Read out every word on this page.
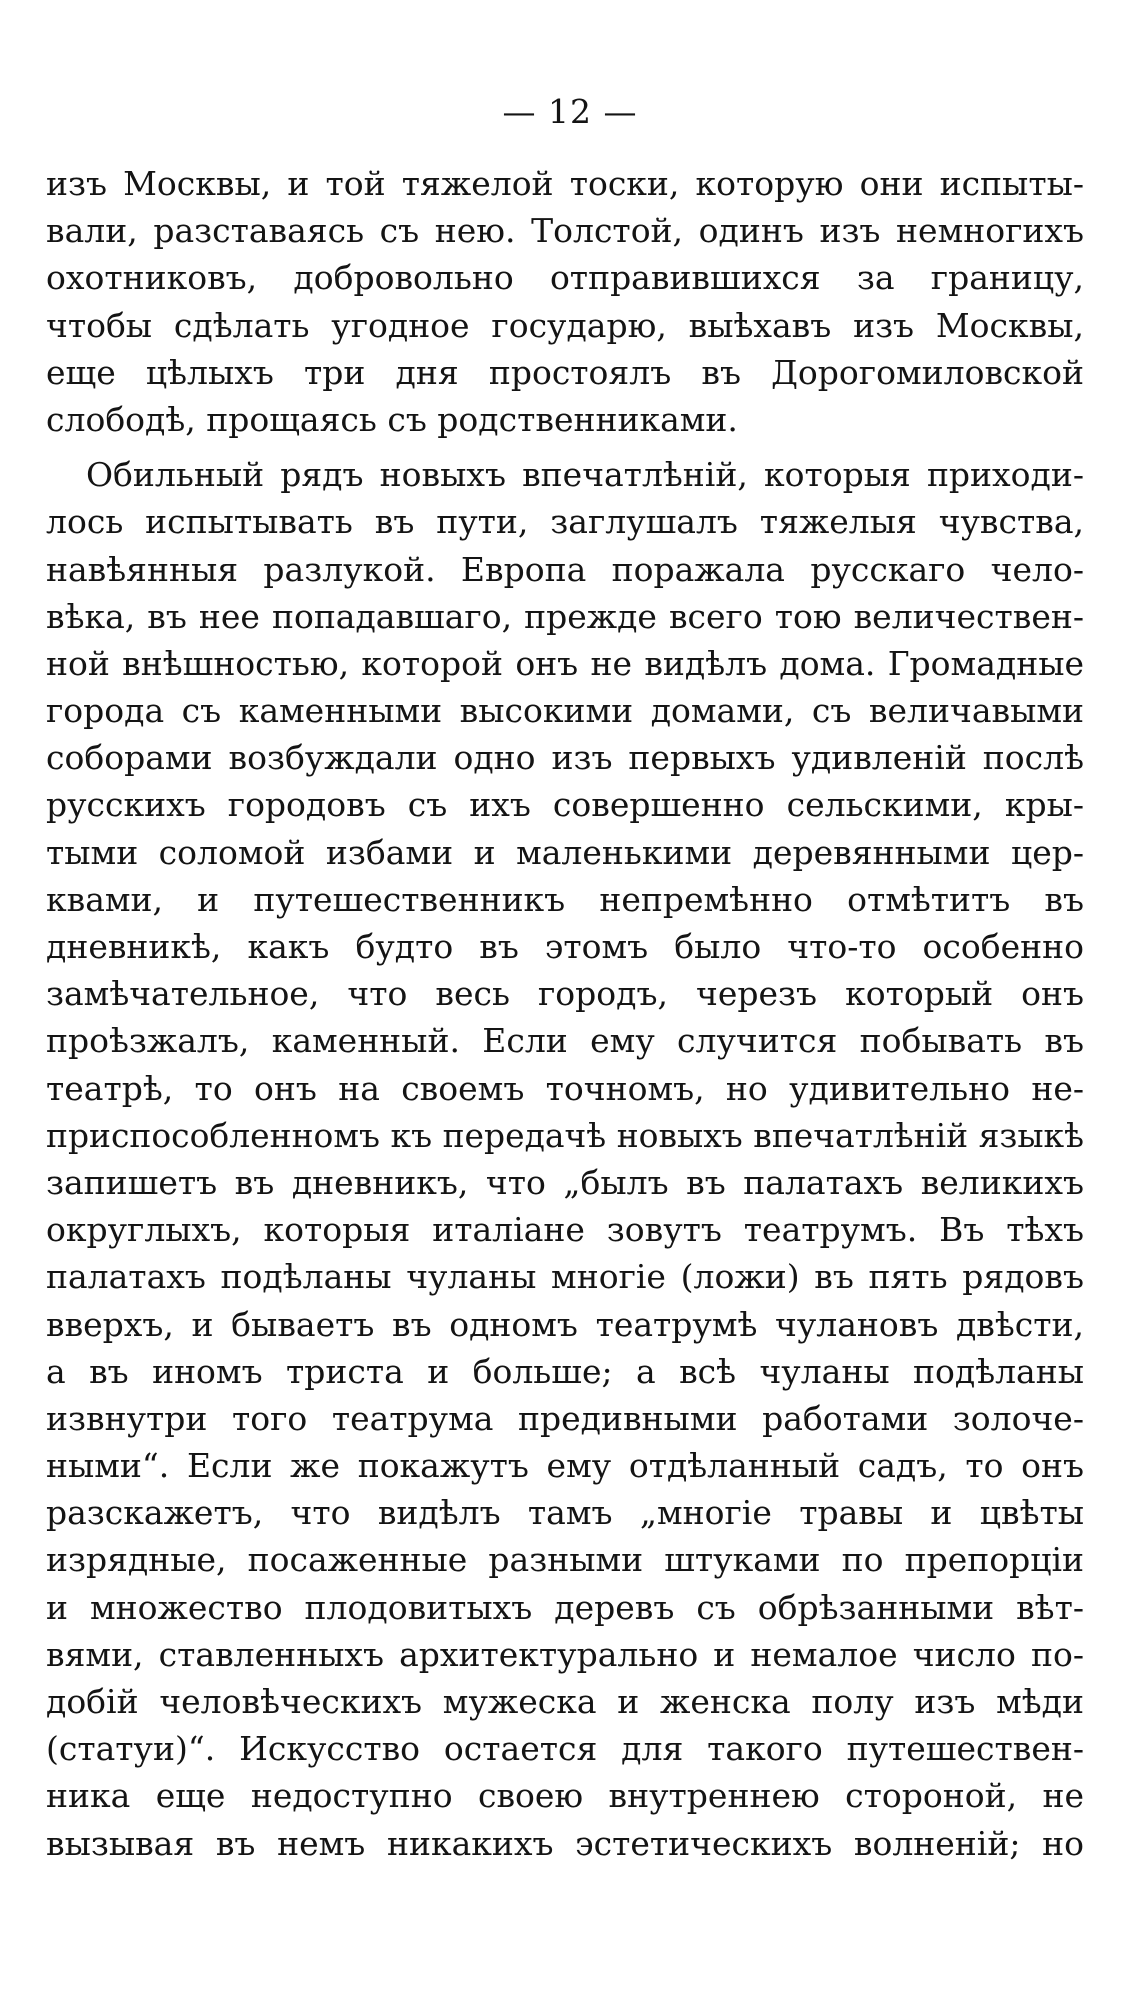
— 12 —
изъ Москвы, и той тяжелой тоски, которую они испыты-
вали, разставаясь съ нею. Толстой, одинъ изъ немногихъ
охотниковъ, добровольно отправившихся за границу,
чтобы сдѣлать угодное государю, выѣхавъ изъ Москвы,
еще цѣлыхъ три дня простоялъ въ Дорогомиловской
слободѣ, прощаясь съ родственниками.
Обильный рядъ новыхъ впечатлѣній, которыя приходи-
лось испытывать въ пути, заглушалъ тяжелыя чувства,
навѣянныя разлукой. Европа поражала русскаго чело-
вѣка, въ нее попадавшаго, прежде всего тою величествен-
ной внѣшностью, которой онъ не видѣлъ дома. Громадные
города съ каменными высокими домами, съ величавыми
соборами возбуждали одно изъ первыхъ удивленій послѣ
русскихъ городовъ съ ихъ совершенно сельскими, кры-
тыми соломой избами и маленькими деревянными цер-
квами, и путешественникъ непремѣнно отмѣтитъ въ
дневникѣ, какъ будто въ этомъ было что-то особенно
замѣчательное, что весь городъ, черезъ который онъ
проѣзжалъ, каменный. Если ему случится побывать въ
театрѣ, то онъ на своемъ точномъ, но удивительно не-
приспособленномъ къ передачѣ новыхъ впечатлѣній языкѣ
запишетъ въ дневникъ, что „былъ въ палатахъ великихъ
округлыхъ, которыя италіане зовутъ театрумъ. Въ тѣхъ
палатахъ подѣланы чуланы многіе (ложи) въ пять рядовъ
вверхъ, и бываетъ въ одномъ театрумѣ чулановъ двѣсти,
а въ иномъ триста и больше; а всѣ чуланы подѣланы
извнутри того театрума предивными работами золоче-
ными“. Если же покажутъ ему отдѣланный садъ, то онъ
разскажетъ, что видѣлъ тамъ „многіе травы и цвѣты
изрядные, посаженные разными штуками по препорціи
и множество плодовитыхъ деревъ съ обрѣзанными вѣт-
вями, ставленныхъ архитектурально и немалое число по-
добій человѣческихъ мужеска и женска полу изъ мѣди
(статуи)“. Искусство остается для такого путешествен-
ника еще недоступно своею внутреннею стороной, не
вызывая въ немъ никакихъ эстетическихъ волненій; но
